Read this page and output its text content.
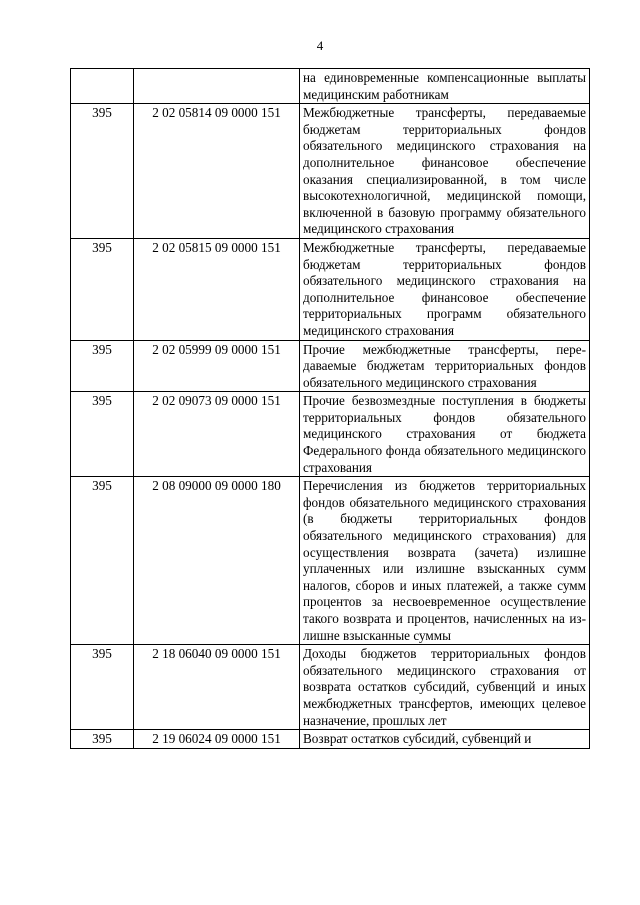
4
		на единовременные компенсационные выплаты медицинским работникам
395	2 02 05814 09 0000 151	Межбюджетные трансферты, передаваемые бюджетам территориальных фондов обязательного медицинского страхования на дополнительное финансовое обеспечение оказания специализированной, в том числе высокотехнологичной, медицинской помощи, включенной в базовую программу обязательного медицинского страхования
395	2 02 05815 09 0000 151	Межбюджетные трансферты, передаваемые бюджетам территориальных фондов обязательного медицинского страхования на дополнительное финансовое обеспечение территориальных программ обязательного медицинского страхования
395	2 02 05999 09 0000 151	Прочие межбюджетные трансферты, передаваемые бюджетам территориальных фондов обязательного медицинского страхования
395	2 02 09073 09 0000 151	Прочие безвозмездные поступления в бюджеты территориальных фондов обязательного медицинского страхования от бюджета Федерального фонда обязательного медицинского страхования
395	2 08 09000 09 0000 180	Перечисления из бюджетов территориальных фондов обязательного медицинского страхования (в бюджеты территориальных фондов обязательного медицинского страхования) для осуществления возврата (зачета) излишне уплаченных или излишне взысканных сумм налогов, сборов и иных платежей, а также сумм процентов за несвоевременное осуществление такого возврата и процентов, начисленных на излишне взысканные суммы
395	2 18 06040 09 0000 151	Доходы бюджетов территориальных фондов обязательного медицинского страхования от возврата остатков субсидий, субвенций и иных межбюджетных трансфертов, имеющих целевое назначение, прошлых лет
395	2 19 06024 09 0000 151	Возврат остатков субсидий, субвенций и
